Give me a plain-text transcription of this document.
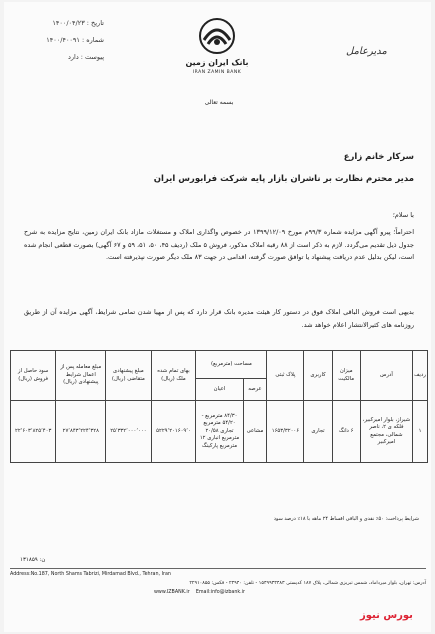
تاریخ : ۱۴۰۰/۰۴/۲۳
شماره : ۱۴۰۰/۴۰۰۹۱
پیوست : دارد
بانک ایران زمین
IRAN ZAMIN BANK
مدیرعامل
بسمه تعالی
سرکار خانم زارع
مدیر محترم نظارت بر ناشران بازار پایه شرکت فرابورس ایران
با سلام؛
احتراماً؛ پیرو آگهی مزایده شماره ۹۹/۳م مورخ ۱۳۹۹/۱۲/۰۹ در خصوص واگذاری املاک و مستغلات مازاد بانک ایران زمین، نتایج مزایده به شرح جدول ذیل تقدیم می‌گردد. لازم به ذکر است از ۸۸ رقبه املاک مذکور، فروش ۵ ملک (ردیف ۴۵، ۵۰، ۵۱، ۵۹ و ۶۷ آگهی) بصورت قطعی انجام شده است، لیکن بدلیل عدم دریافت پیشنهاد یا توافق صورت گرفته، اقدامی در جهت ۸۳ ملک دیگر صورت نپذیرفته است.
بدیهی است فروش الباقی املاک فوق در دستور کار هیئت مدیره بانک قرار دارد که پس از مهیا شدن تمامی شرایط، آگهی مزایده آن از طریق روزنامه های کثیرالانتشار اعلام خواهد شد.
ردیف	آدرس	میزان مالکیت	کاربری	پلاک ثبتی	مساحت (مترمربع)		بهای تمام شده ملک (ریال)	مبلغ پیشنهادی متقاضی (ریال)	مبلغ معامله پس از اعمال شرایط پیشنهادی (ریال)	سود حاصل از فروش (ریال)
					عرصه	اعیان				
۱	شیراز، بلوار امیرکبیر، فلکه ی ۲، ناصر شمالی، مجتمع امیرکبیر	۶ دانگ	تجاری	۱۶۵۳/۳۲۰۰۶	مشاعی	۸۴/۳۰ مترمربع - ۵۴/۲۰ مترمربع تجاری ۲۰/۵۸ مترمربع انباری ۱۲ مترمربع پارکینگ	۵۲۲۹٬۲۰۱۶۰۹٬۰	۲۵٬۳۳۲٬۰۰۰٬۰۰۰	۲۷٬۸۴۳٬۲۲۴٬۳۲۸	۲۲٬۶۰۳٬۸۲۵٬۴۰۳
شرایط پرداخت: ۵۰٪ نقدی و الباقی اقساط ۲۴ ماهه با ۱۸٪ درصد سود
۱۳۱۸۵۹ :ن
Address:No.187, North Shams Tabrizi, Mirdamad Blvd., Tehran, Iran
آدرس: تهران، بلوار میرداماد، شمس تبریزی شمالی، پلاک ۱۸۷ کدپستی ۱۵۴۹۹۳۳۴۸۳ - تلفن: ۲۳۹۴۰ - فکس: ۲۲۹۱۰۸۵۵
www.IZBANK.ir Email:info@izbank.ir
بورس نیوز
